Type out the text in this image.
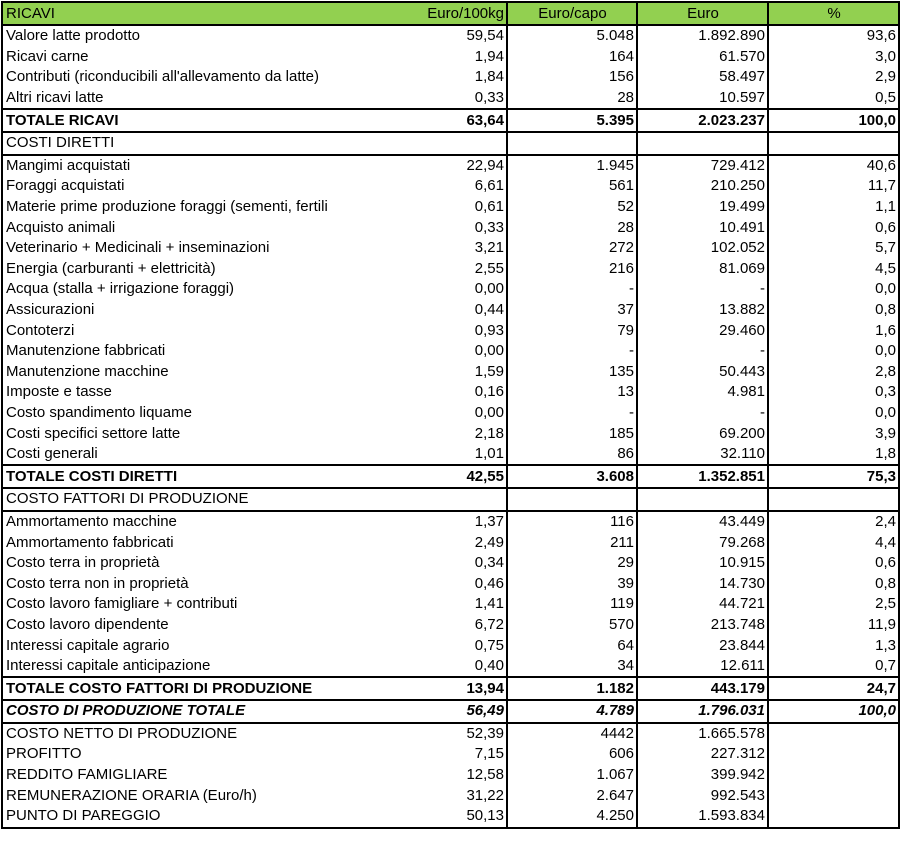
RICAVI Euro/100kg	Euro/capo	Euro	%

Valore latte prodotto 59,54	5.048	1.892.890	93,6

Ricavi carne 1,94	164	61.570	3,0

Contributi (riconducibili all'allevamento da latte) 1,84	156	58.497	2,9

Altri ricavi latte 0,33	28	10.597	0,5

TOTALE RICAVI 63,64	5.395	2.023.237	100,0
COSTI DIRETTI			

Mangimi acquistati 22,94	1.945	729.412	40,6

Foraggi acquistati 6,61	561	210.250	11,7

Materie prime produzione foraggi (sementi, fertili 0,61	52	19.499	1,1

Acquisto animali 0,33	28	10.491	0,6

Veterinario + Medicinali + inseminazioni 3,21	272	102.052	5,7

Energia (carburanti + elettricità) 2,55	216	81.069	4,5

Acqua (stalla + irrigazione foraggi) 0,00	-	-	0,0

Assicurazioni 0,44	37	13.882	0,8

Contoterzi 0,93	79	29.460	1,6

Manutenzione fabbricati 0,00	-	-	0,0

Manutenzione macchine 1,59	135	50.443	2,8

Imposte e tasse 0,16	13	4.981	0,3

Costo spandimento liquame 0,00	-	-	0,0

Costi specifici settore latte 2,18	185	69.200	3,9

Costi generali 1,01	86	32.110	1,8

TOTALE COSTI DIRETTI 42,55	3.608	1.352.851	75,3
COSTO FATTORI DI PRODUZIONE			

Ammortamento macchine 1,37	116	43.449	2,4

Ammortamento fabbricati 2,49	211	79.268	4,4

Costo terra in proprietà 0,34	29	10.915	0,6

Costo terra non in proprietà 0,46	39	14.730	0,8

Costo lavoro famigliare + contributi 1,41	119	44.721	2,5

Costo lavoro dipendente 6,72	570	213.748	11,9

Interessi capitale agrario 0,75	64	23.844	1,3

Interessi capitale anticipazione 0,40	34	12.611	0,7

TOTALE COSTO FATTORI DI PRODUZIONE 13,94	1.182	443.179	24,7

COSTO DI PRODUZIONE TOTALE 56,49	4.789	1.796.031	100,0

COSTO NETTO DI PRODUZIONE 52,39	4442	1.665.578	

PROFITTO 7,15	606	227.312	

REDDITO FAMIGLIARE 12,58	1.067	399.942	

REMUNERAZIONE ORARIA (Euro/h) 31,22	2.647	992.543	

PUNTO DI PAREGGIO 50,13	4.250	1.593.834	
